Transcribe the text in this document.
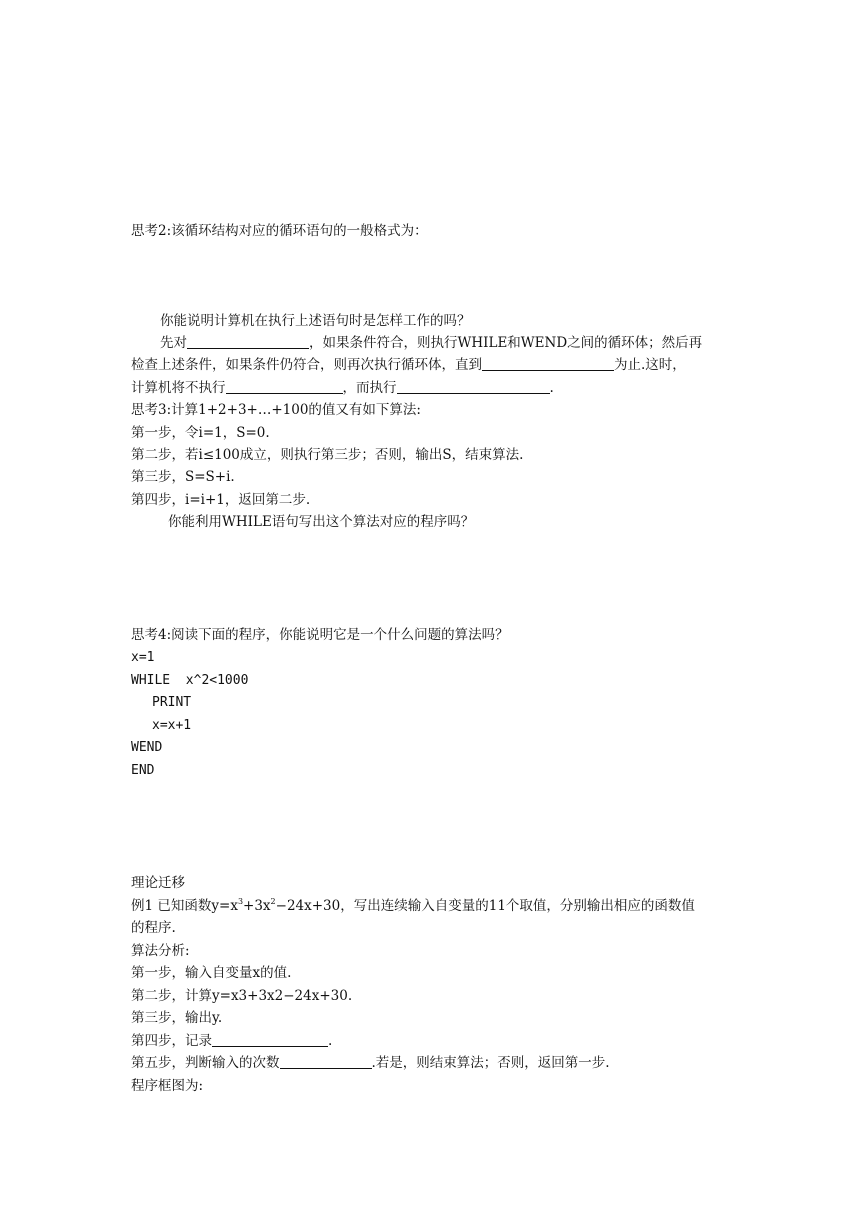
思考2:该循环结构对应的循环语句的一般格式为：
你能说明计算机在执行上述语句时是怎样工作的吗？
先对	，如果条件符合，则执行WHILE和WEND之间的循环体；然后再
检查上述条件，如果条件仍符合，则再次执行循环体，直到	为止.这时，
计算机将不执行	，而执行	.
思考3:计算1+2+3+…+100的值又有如下算法:
第一步，令i=1，S=0.
第二步，若i≤100成立，则执行第三步；否则，输出S，结束算法.
第三步，S=S+i.
第四步，i=i+1，返回第二步.
你能利用WHILE语句写出这个算法对应的程序吗？
思考4:阅读下面的程序，你能说明它是一个什么问题的算法吗？
x=1
WHILE  x^2<1000
PRINT
x=x+1
WEND
END
理论迁移
例1 已知函数$y=x^3+3x^2-24x+30$，写出连续输入自变量的11个取值，分别输出相应的函数值
的程序.
算法分析:
第一步，输入自变量x的值.
第二步，计算y=x3+3x2−24x+30.
第三步，输出y.
第四步，记录	.
第五步，判断输入的次数	.若是，则结束算法；否则，返回第一步.
程序框图为:
